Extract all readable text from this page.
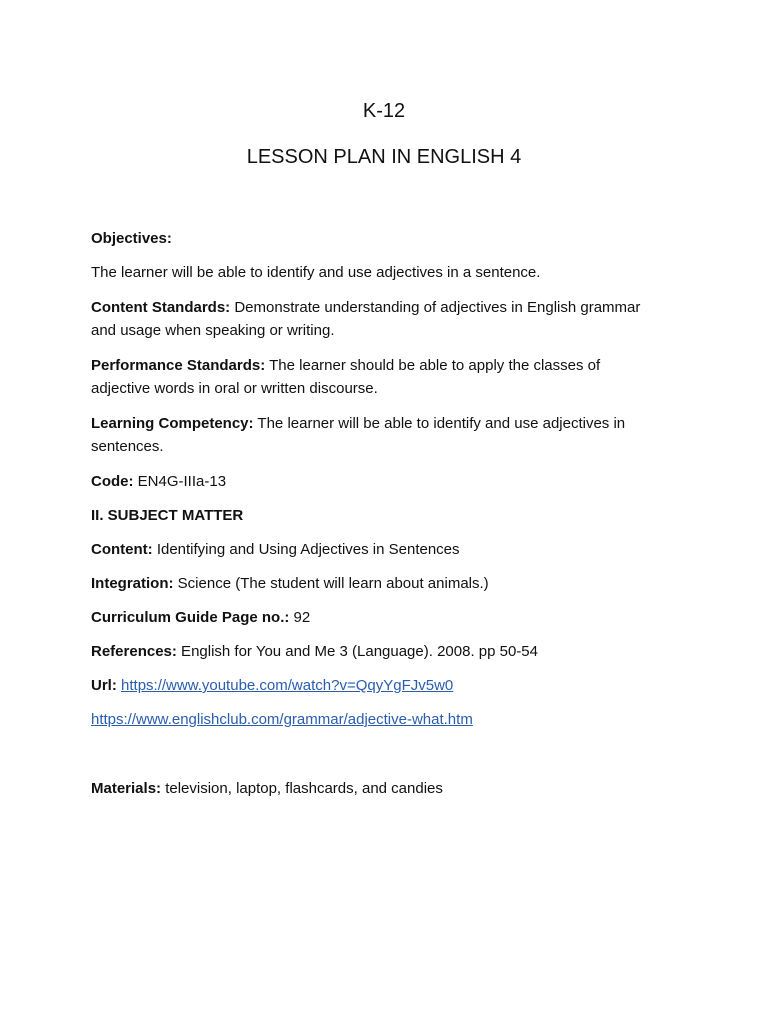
K-12
LESSON PLAN IN ENGLISH 4
Objectives:
The learner will be able to identify and use adjectives in a sentence.
Content Standards: Demonstrate understanding of adjectives in English grammar
and usage when speaking or writing.
Performance Standards: The learner should be able to apply the classes of
adjective words in oral or written discourse.
Learning Competency: The learner will be able to identify and use adjectives in
sentences.
Code: EN4G-IIIa-13
II. SUBJECT MATTER
Content: Identifying and Using Adjectives in Sentences
Integration: Science (The student will learn about animals.)
Curriculum Guide Page no.: 92
References: English for You and Me 3 (Language). 2008. pp 50-54
Url: https://www.youtube.com/watch?v=QqyYgFJv5w0
https://www.englishclub.com/grammar/adjective-what.htm
Materials: television, laptop, flashcards, and candies
